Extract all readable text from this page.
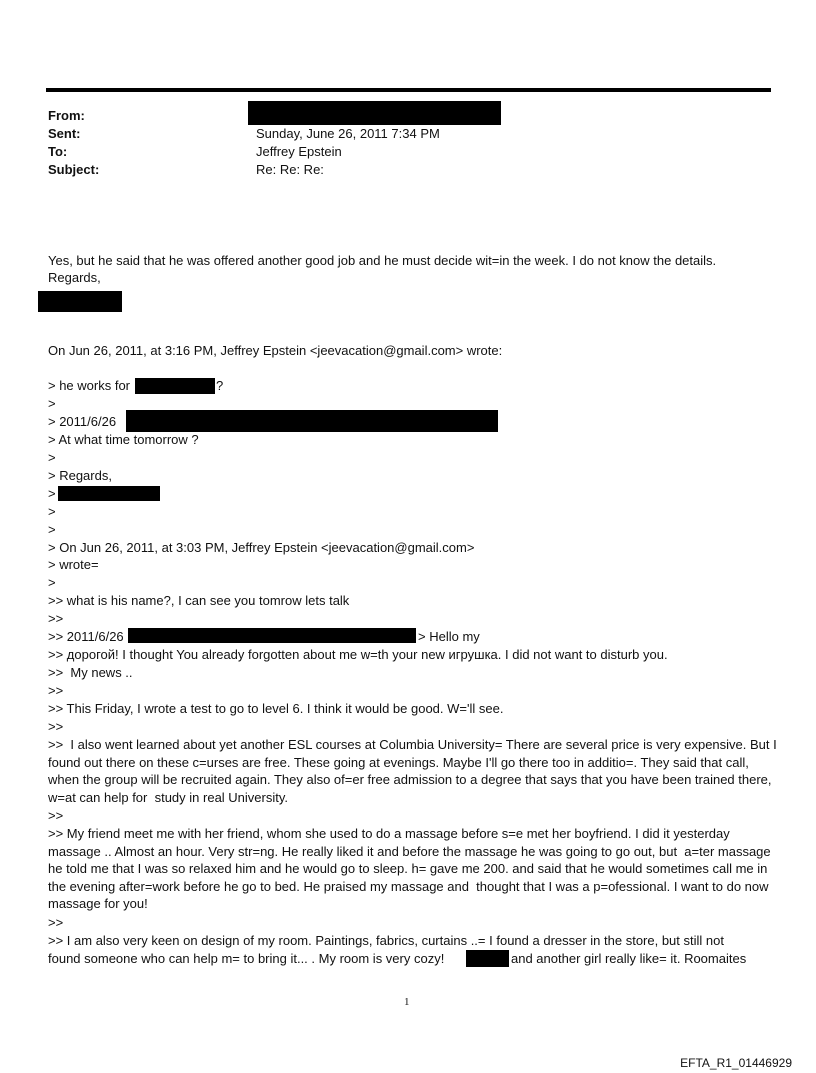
From:
Sent:	Sunday, June 26, 2011 7:34 PM
To:	Jeffrey Epstein
Subject:	Re: Re: Re:
Yes, but he said that he was offered another good job and he must decide wit=in the week. I do not know the details.
Regards,
On Jun 26, 2011, at 3:16 PM, Jeffrey Epstein <jeevacation@gmail.com> wrote:
> he works for	?
>
> 2011/6/26
> At what time tomorrow ?
>
> Regards,
>
>
>
> On Jun 26, 2011, at 3:03 PM, Jeffrey Epstein <jeevacation@gmail.com>
> wrote=
>
>> what is his name?, I can see you tomrow lets talk
>>
>> 2011/6/26	> Hello my
>> дорогой! I thought You already forgotten about me w=th your new игрушка. I did not want to disturb you.
>>  My news ..
>>
>> This Friday, I wrote a test to go to level 6. I think it would be good. W='ll see.
>>
>>  I also went learned about yet another ESL courses at Columbia University= There are several price is very expensive. But I found out there on these c=urses are free. These going at evenings. Maybe I'll go there too in additio=. They said that call, when the group will be recruited again. They also of=er free admission to a degree that says that you have been trained there, w=at can help for  study in real University.
>>
>> My friend meet me with her friend, whom she used to do a massage before s=e met her boyfriend. I did it yesterday massage .. Almost an hour. Very str=ng. He really liked it and before the massage he was going to go out, but  a=ter massage he told me that I was so relaxed him and he would go to sleep. h= gave me 200. and said that he would sometimes call me in the evening after=work before he go to bed. He praised my massage and  thought that I was a p=ofessional. I want to do now massage for you!
>>
>> I am also very keen on design of my room. Paintings, fabrics, curtains ..= I found a dresser in the store, but still not
found someone who can help m= to bring it... . My room is very cozy!	and another girl really like= it. Roomaites
1
EFTA_R1_01446929
